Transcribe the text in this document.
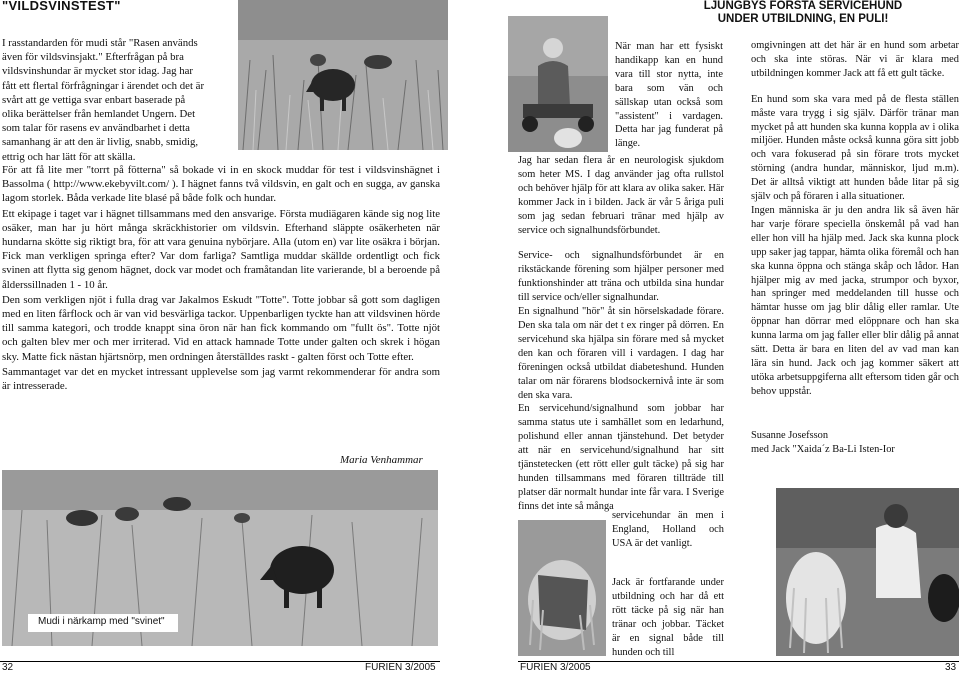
"VILDSVINSTEST"

I rasstandarden för mudi står "Rasen används

även för vildsvinsjakt." Efterfrågan på bra

vildsvinshundar är mycket stor idag. Jag har

fått ett flertal förfrågningar i ärendet och det är

svårt att ge vettiga svar enbart baserade på

olika berättelser från hemlandet Ungern. Det

som talar för rasens ev användbarhet i detta

samanhang är att den är livlig, snabb, smidig,

ettrig och har lätt för att skälla.

För att få lite mer "torrt på fötterna" så bokade vi in en skock muddar för test i vildsvinshägnet i Bassolma ( http://www.ekebyvilt.com/ ). I hägnet fanns två vildsvin, en galt och en sugga, av ganska lagom storlek. Båda verkade lite blasé på både folk och hundar.

Ett ekipage i taget var i hägnet tillsammans med den ansvarige. Första mudiägaren kände sig nog lite osäker, man har ju hört många skräckhistorier om vildsvin. Efterhand släppte osäkerheten när hundarna skötte sig riktigt bra, för att vara genuina nybörjare. Alla (utom en) var lite osäkra i början. Fick man verkligen springa efter? Var dom farliga? Samtliga muddar skällde ordentligt och fick svinen att flytta sig genom hägnet, dock var modet och framåtandan lite varierande, bl a beroende på ålderssillnaden 1 - 10 år.

Den som verkligen njöt i fulla drag var Jakalmos Eskudt "Totte". Totte jobbar så gott som dagligen med en liten fårflock och är van vid besvärliga tackor. Uppenbarligen tyckte han att vildsvinen hörde till samma kategori, och trodde knappt sina öron när han fick kommando om "fullt ös". Totte njöt och galten blev mer och mer irriterad. Vid en attack hamnade Totte under galten och skrek i högan sky. Matte fick nästan hjärtsnörp, men ordningen återställdes raskt - galten först och Totte efter.

Sammantaget var det en mycket intressant upplevelse som jag varmt rekommenderar för andra som är intresserade.

Maria Venhammar
Mudi i närkamp med "svinet"
32	FURIEN 3/2005
LJUNGBYS FÖRSTA SERVICEHUND
UNDER UTBILDNING, EN PULI!
När man har ett fysiskt handikapp kan en hund vara till stor nytta, inte bara som vän och sällskap utan också som "assistent" i vardagen. Detta har jag funderat på länge.

Jag har sedan flera år en neurologisk sjukdom som heter MS. I dag använder jag ofta rullstol och behöver hjälp för att klara av olika saker. Här kommer Jack in i bilden. Jack är vår 5 åriga puli som jag sedan februari tränar med hjälp av service och signalhundsförbundet.

Service- och signalhundsförbundet är en rikstäckande förening som hjälper personer med funktionshinder att träna och utbilda sina hundar till service och/eller signalhundar.

En signalhund "hör" åt sin hörselskadade förare. Den ska tala om när det t ex ringer på dörren. En servicehund ska hjälpa sin förare med så mycket den kan och föraren vill i vardagen. I dag har föreningen också utbildat diabeteshund. Hunden talar om när förarens blodsockernivå inte är som den ska vara.

En servicehund/signalhund som jobbar har samma status ute i samhället som en ledarhund, polishund eller annan tjänstehund. Det betyder att när en servicehund/signalhund har sitt tjänstetecken (ett rött eller gult täcke) på sig har hunden tillsammans med föraren tillträde till platser där normalt hundar inte får vara. I Sverige finns det inte så många

servicehundar än men i England, Holland och USA är det vanligt.
Jack är fortfarande under utbildning och har då ett rött täcke på sig när han tränar och jobbar. Täcket är en signal både till hunden och till

omgivningen att det här är en hund som arbetar och ska inte störas. När vi är klara med utbildningen kommer Jack att få ett gult täcke.

En hund som ska vara med på de flesta ställen måste vara trygg i sig själv. Därför tränar man mycket på att hunden ska kunna koppla av i olika miljöer. Hunden måste också kunna göra sitt jobb och vara fokuserad på sin förare trots mycket störning (andra hundar, människor, ljud m.m). Det är alltså viktigt att hunden både litar på sig själv och på föraren i alla situationer.

Ingen människa är ju den andra lik så även här har varje förare speciella önskemål på vad han eller hon vill ha hjälp med. Jack ska kunna plock upp saker jag tappar, hämta olika föremål och han ska kunna öppna och stänga skåp och lådor. Han hjälper mig av med jacka, strumpor och byxor, han springer med meddelanden till husse och hämtar husse om jag blir dålig eller ramlar. Ute öppnar han dörrar med elöppnare och han ska kunna larma om jag faller eller blir dålig på annat sätt. Detta är bara en liten del av vad man kan lära sin hund. Jack och jag kommer säkert att utöka arbetsuppgiferna allt eftersom tiden går och behov uppstår.

Susanne Josefsson

med Jack "Xaida´z Ba-Li Isten-Ior

FURIEN 3/2005	33
